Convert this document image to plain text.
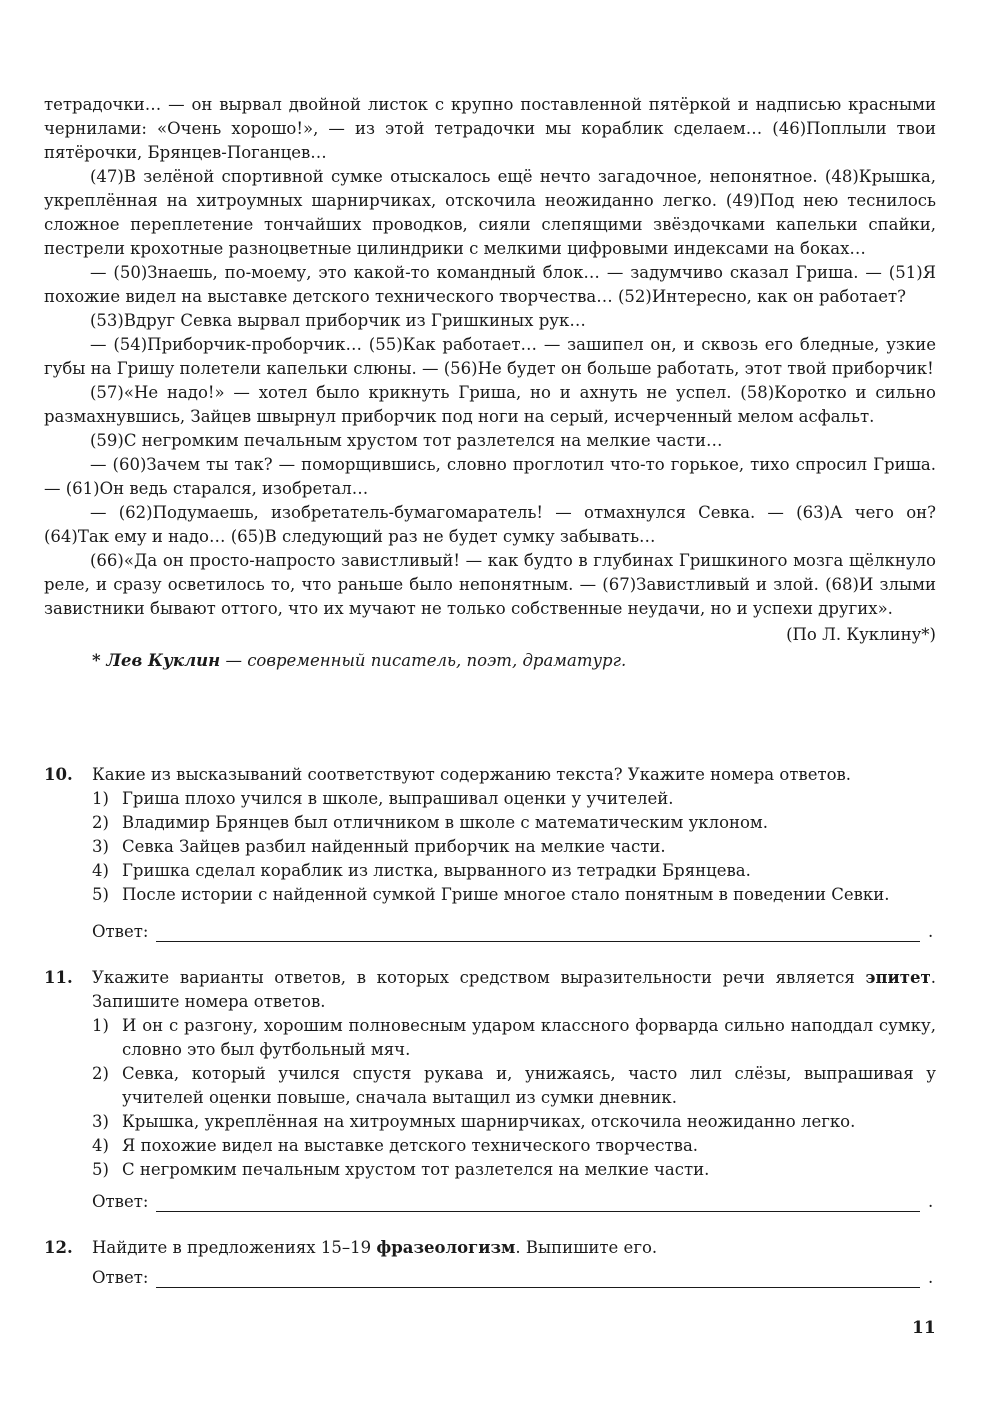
тетрадочки… — он вырвал двойной листок с крупно поставленной пятёркой и надписью красными чернилами: «Очень хорошо!», — из этой тетрадочки мы кораблик сделаем… (46)Поплыли твои пятёрочки, Брянцев-Поганцев…

(47)В зелёной спортивной сумке отыскалось ещё нечто загадочное, непонятное. (48)Крышка, укреплённая на хитроумных шарнирчиках, отскочила неожиданно легко. (49)Под нею теснилось сложное переплетение тончайших проводков, сияли слепящими звёздочками капельки спайки, пестрели крохотные разноцветные цилиндрики с мелкими цифровыми индексами на боках…

— (50)Знаешь, по-моему, это какой-то командный блок… — задумчиво сказал Гриша. — (51)Я похожие видел на выставке детского технического творчества… (52)Интересно, как он работает?

(53)Вдруг Севка вырвал приборчик из Гришкиных рук…

— (54)Приборчик-проборчик… (55)Как работает… — зашипел он, и сквозь его бледные, узкие губы на Гришу полетели капельки слюны. — (56)Не будет он больше работать, этот твой приборчик!

(57)«Не надо!» — хотел было крикнуть Гриша, но и ахнуть не успел. (58)Коротко и сильно размахнувшись, Зайцев швырнул приборчик под ноги на серый, исчерченный мелом асфальт.

(59)С негромким печальным хрустом тот разлетелся на мелкие части…

— (60)Зачем ты так? — поморщившись, словно проглотил что-то горькое, тихо спросил Гриша. — (61)Он ведь старался, изобретал…

— (62)Подумаешь, изобретатель-бумагомаратель! — отмахнулся Севка. — (63)А чего он? (64)Так ему и надо… (65)В следующий раз не будет сумку забывать…

(66)«Да он просто-напросто завистливый! — как будто в глубинах Гришкиного мозга щёлкнуло реле, и сразу осветилось то, что раньше было непонятным. — (67)Завистливый и злой. (68)И злыми завистники бывают оттого, что их мучают не только собственные неудачи, но и успехи других».

(По Л. Куклину*)
* Лев Куклин — современный писатель, поэт, драматург.
10. Какие из высказываний соответствуют содержанию текста? Укажите номера ответов.
1) Гриша плохо учился в школе, выпрашивал оценки у учителей.
2) Владимир Брянцев был отличником в школе с математическим уклоном.
3) Севка Зайцев разбил найденный приборчик на мелкие части.
4) Гришка сделал кораблик из листка, вырванного из тетрадки Брянцева.
5) После истории с найденной сумкой Грише многое стало понятным в поведении Севки.
Ответ:	.
11. Укажите варианты ответов, в которых средством выразительности речи является эпитет. Запишите номера ответов.
1) И он с разгону, хорошим полновесным ударом классного форварда сильно наподдал сумку, словно это был футбольный мяч.
2) Севка, который учился спустя рукава и, унижаясь, часто лил слёзы, выпрашивая у учителей оценки повыше, сначала вытащил из сумки дневник.
3) Крышка, укреплённая на хитроумных шарнирчиках, отскочила неожиданно легко.
4) Я похожие видел на выставке детского технического творчества.
5) С негромким печальным хрустом тот разлетелся на мелкие части.
Ответ:	.
12. Найдите в предложениях 15–19 фразеологизм. Выпишите его.
Ответ:	.
11
